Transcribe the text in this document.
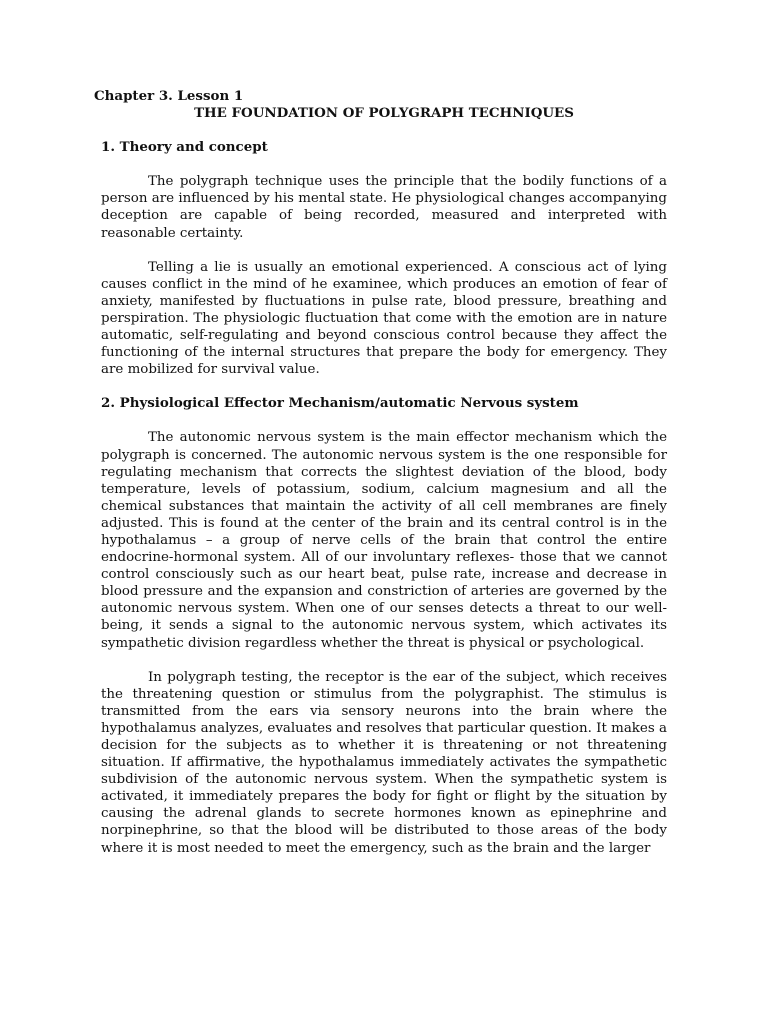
Chapter 3. Lesson 1
THE FOUNDATION OF POLYGRAPH TECHNIQUES
1. Theory and concept

The polygraph technique uses the principle that the bodily functions of a person are influenced by his mental state. He physiological changes accompanying deception are capable of being recorded, measured and interpreted with reasonable certainty.

Telling a lie is usually an emotional experienced. A conscious act of lying causes conflict in the mind of he examinee, which produces an emotion of fear of anxiety, manifested by fluctuations in pulse rate, blood pressure, breathing and perspiration. The physiologic fluctuation that come with the emotion are in nature automatic, self-regulating and beyond conscious control because they affect the functioning of the internal structures that prepare the body for emergency. They are mobilized for survival value.

2. Physiological Effector Mechanism/automatic Nervous system

The autonomic nervous system is the main effector mechanism which the polygraph is concerned. The autonomic nervous system is the one responsible for regulating mechanism that corrects the slightest deviation of the blood, body temperature, levels of potassium, sodium, calcium magnesium and all the chemical substances that maintain the activity of all cell membranes are finely adjusted. This is found at the center of the brain and its central control is in the hypothalamus – a group of nerve cells of the brain that control the entire endocrine-hormonal system. All of our involuntary reflexes- those that we cannot control consciously such as our heart beat, pulse rate, increase and decrease in blood pressure and the expansion and constriction of arteries are governed by the autonomic nervous system. When one of our senses detects a threat to our well-being, it sends a signal to the autonomic nervous system, which activates its sympathetic division regardless whether the threat is physical or psychological.

In polygraph testing, the receptor is the ear of the subject, which receives the threatening question or stimulus from the polygraphist. The stimulus is transmitted from the ears via sensory neurons into the brain where the hypothalamus analyzes, evaluates and resolves that particular question. It makes a decision for the subjects as to whether it is threatening or not threatening situation. If affirmative, the hypothalamus immediately activates the sympathetic subdivision of the autonomic nervous system. When the sympathetic system is activated, it immediately prepares the body for fight or flight by the situation by causing the adrenal glands to secrete hormones known as epinephrine and norpinephrine, so that the blood will be distributed to those areas of the body where it is most needed to meet the emergency, such as the brain and the larger
